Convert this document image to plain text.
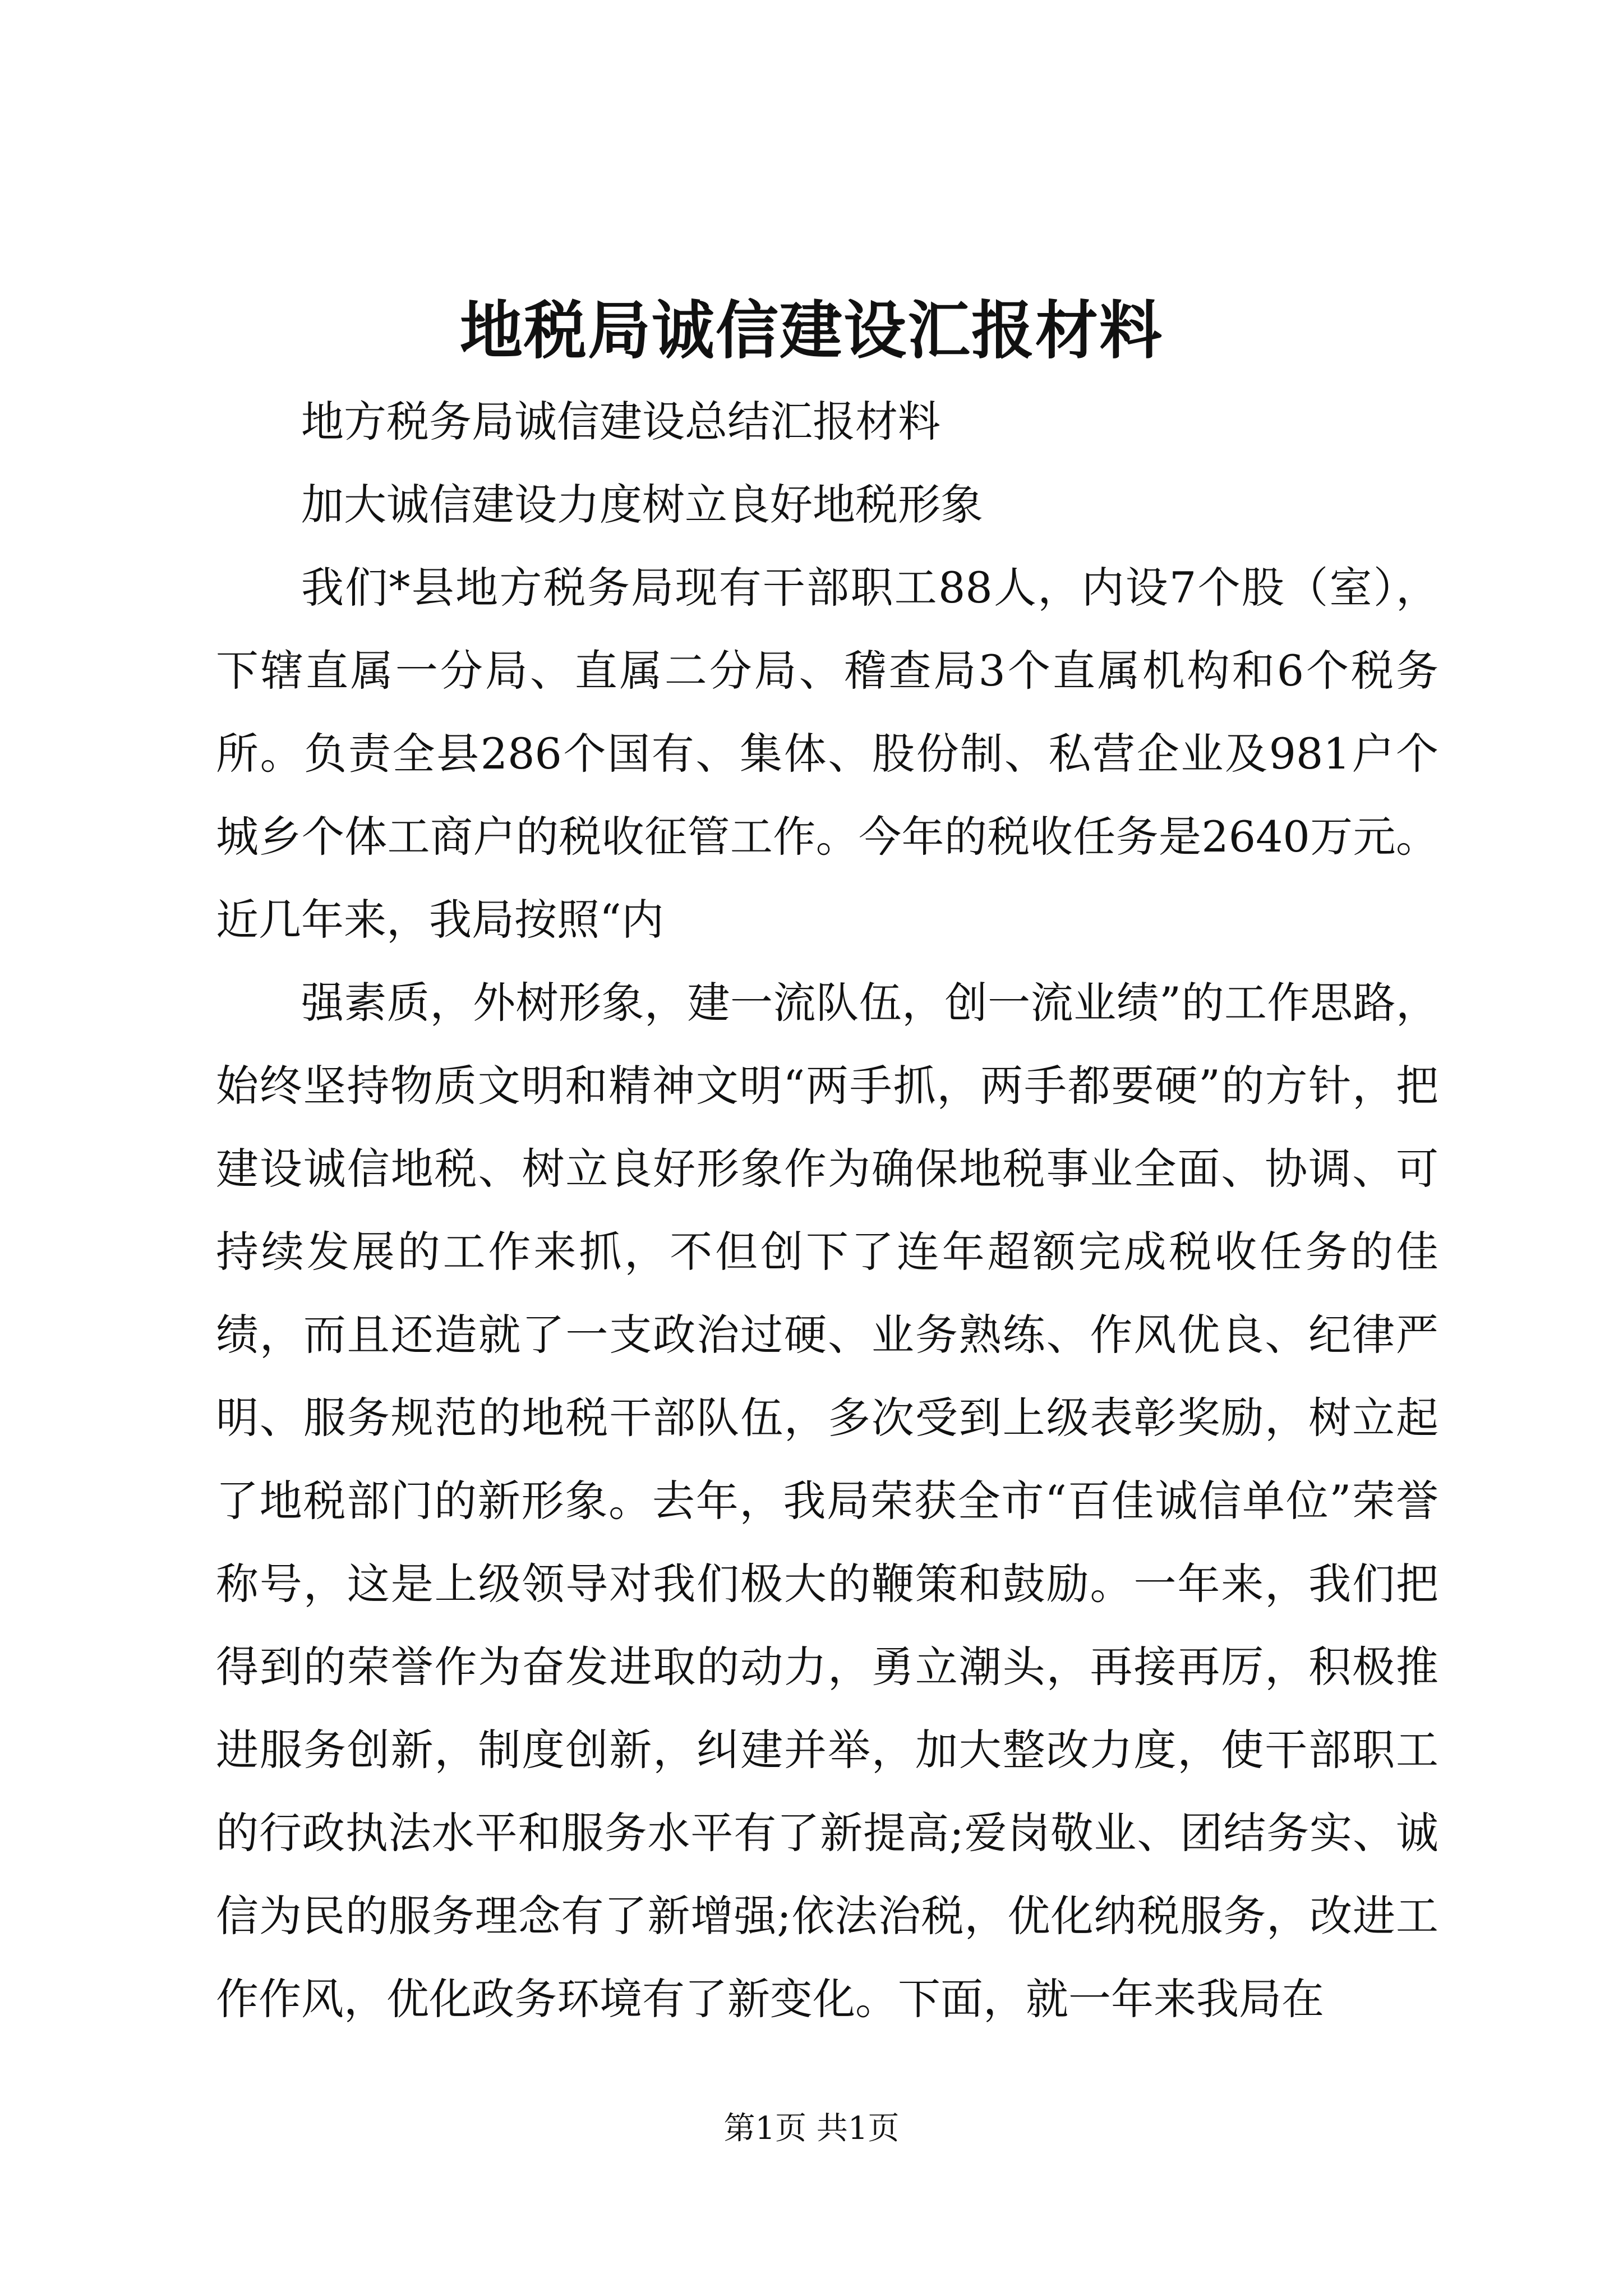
地税局诚信建设汇报材料

地方税务局诚信建设总结汇报材料

加大诚信建设力度树立良好地税形象

我们*县地方税务局现有干部职工88人，内设7个股（室），下辖直属一分局、直属二分局、稽查局3个直属机构和6个税务所。负责全县286个国有、集体、股份制、私营企业及981户个城乡个体工商户的税收征管工作。今年的税收任务是2640万元。近几年来，我局按照“内

强素质，外树形象，建一流队伍，创一流业绩”的工作思路，始终坚持物质文明和精神文明“两手抓，两手都要硬”的方针，把建设诚信地税、树立良好形象作为确保地税事业全面、协调、可持续发展的工作来抓，不但创下了连年超额完成税收任务的佳绩，而且还造就了一支政治过硬、业务熟练、作风优良、纪律严明、服务规范的地税干部队伍，多次受到上级表彰奖励，树立起了地税部门的新形象。去年，我局荣获全市“百佳诚信单位”荣誉称号，这是上级领导对我们极大的鞭策和鼓励。一年来，我们把得到的荣誉作为奋发进取的动力，勇立潮头，再接再厉，积极推进服务创新，制度创新，纠建并举，加大整改力度，使干部职工的行政执法水平和服务水平有了新提高;爱岗敬业、团结务实、诚信为民的服务理念有了新增强;依法治税，优化纳税服务，改进工作作风，优化政务环境有了新变化。下面，就一年来我局在

第1页 共1页
